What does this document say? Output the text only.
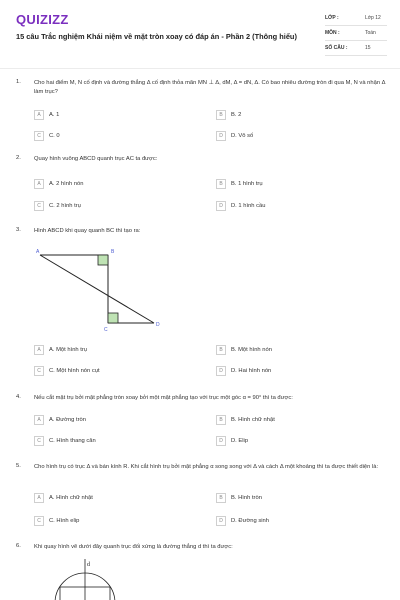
QUIZIZZ
15 câu Trắc nghiệm Khái niệm về mặt tròn xoay có đáp án - Phần 2 (Thông hiểu)
LỚP :	Lớp 12
MÔN :	Toán
SỐ CÂU :	15
1. Cho hai điểm M, N cố định và đường thẳng Δ cố định thỏa mãn MN ⊥ Δ, dM, Δ = dN, Δ. Có bao nhiêu đường tròn đi qua M, N và nhận Δ làm trục?
A	A. 1	B	B. 2
C	C. 0	D	D. Vô số
2. Quay hình vuông ABCD quanh trục AC ta được:
A	A. 2 hình nón	B	B. 1 hình trụ
C	C. 2 hình trụ	D	D. 1 hình cầu
3. Hình ABCD khi quay quanh BC thì tạo ra:
A	B
C
D
A	A. Một hình trụ	B	B. Một hình nón
C	C. Một hình nón cụt	D	D. Hai hình nón
4. Nếu cắt mặt trụ bởi mặt phẳng tròn xoay bởi một mặt phẳng tạo với trục một góc α = 90° thì ta được:
A	A. Đường tròn	B	B. Hình chữ nhật
C	C. Hình thang cân	D	D. Elip
5. Cho hình trụ có trục Δ và bán kính R. Khi cắt hình trụ bởi mặt phẳng α song song với Δ và cách Δ một khoảng thì ta được thiết diện là:
A	A. Hình chữ nhật	B	B. Hình tròn
C	C. Hình elip	D	D. Đường sinh
6. Khi quay hình vẽ dưới đây quanh trục đối xứng là đường thẳng d thì ta được:
d
